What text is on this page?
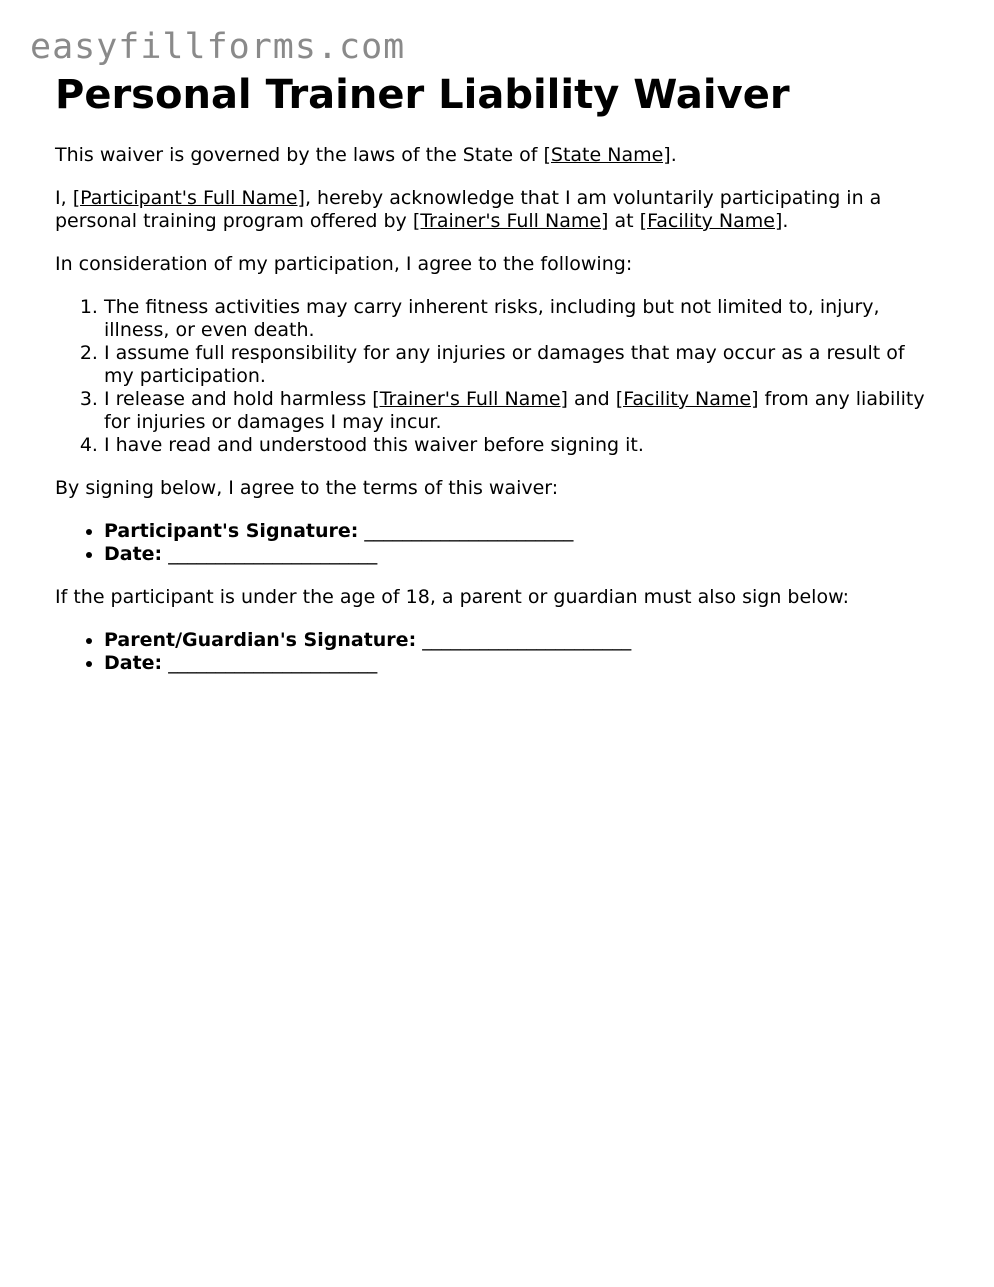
easyfillforms.com
Personal Trainer Liability Waiver

This waiver is governed by the laws of the State of [State Name].

I, [Participant's Full Name], hereby acknowledge that I am voluntarily participating in a personal training program offered by [Trainer's Full Name] at [Facility Name].

In consideration of my participation, I agree to the following:

1. The fitness activities may carry inherent risks, including but not limited to, injury, illness, or even death.
2. I assume full responsibility for any injuries or damages that may occur as a result of my participation.
3. I release and hold harmless [Trainer's Full Name] and [Facility Name] from any liability for injuries or damages I may incur.
4. I have read and understood this waiver before signing it.

By signing below, I agree to the terms of this waiver:

• Participant's Signature: ______________________
• Date: ______________________

If the participant is under the age of 18, a parent or guardian must also sign below:

• Parent/Guardian's Signature: ______________________
• Date: ______________________
